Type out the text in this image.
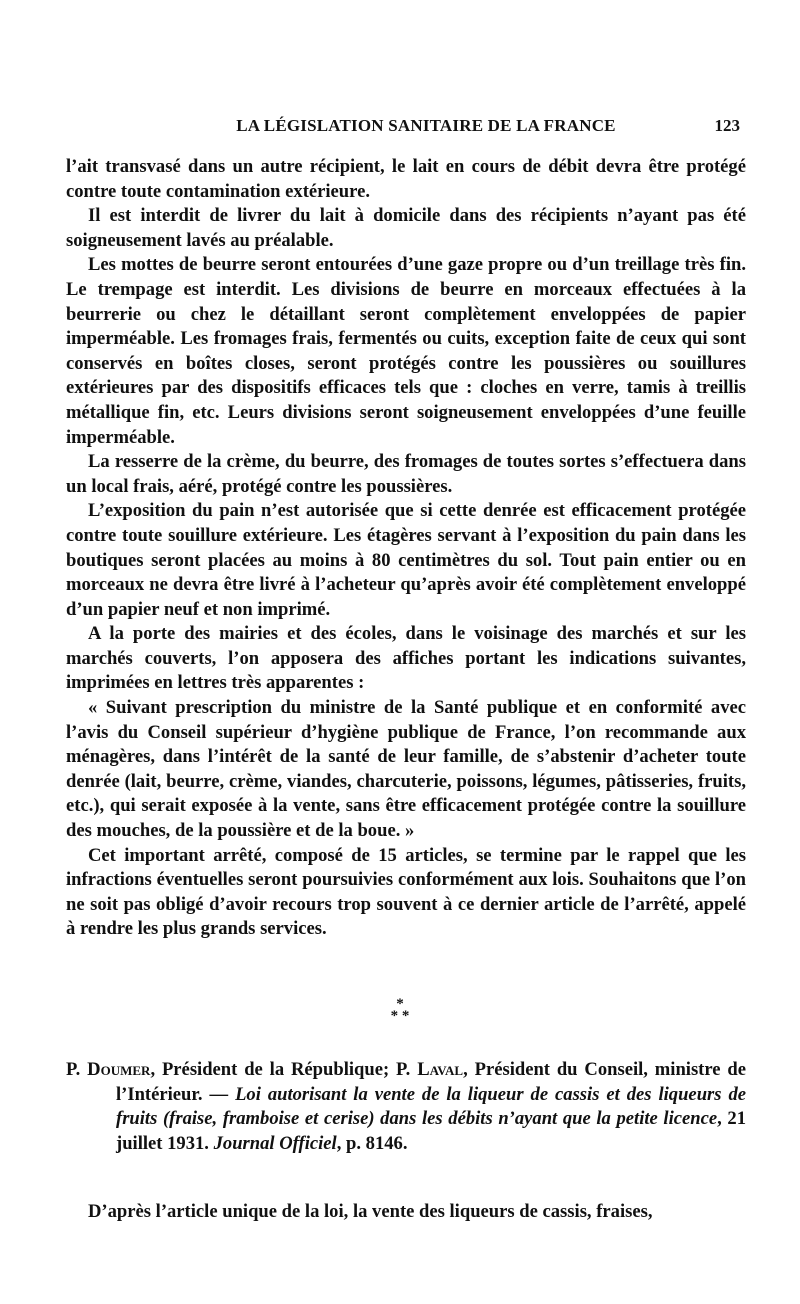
LA LÉGISLATION SANITAIRE DE LA FRANCE	123

l’ait transvasé dans un autre récipient, le lait en cours de débit devra être protégé contre toute contamination extérieure.

Il est interdit de livrer du lait à domicile dans des récipients n’ayant pas été soigneusement lavés au préalable.

Les mottes de beurre seront entourées d’une gaze propre ou d’un treillage très fin. Le trempage est interdit. Les divisions de beurre en morceaux effectuées à la beurrerie ou chez le détaillant seront complètement enveloppées de papier imperméable. Les fromages frais, fermentés ou cuits, exception faite de ceux qui sont conservés en boîtes closes, seront protégés contre les poussières ou souillures extérieures par des dispositifs efficaces tels que : cloches en verre, tamis à treillis métallique fin, etc. Leurs divisions seront soigneusement enveloppées d’une feuille imperméable.

La resserre de la crème, du beurre, des fromages de toutes sortes s’effectuera dans un local frais, aéré, protégé contre les poussières.

L’exposition du pain n’est autorisée que si cette denrée est efficacement protégée contre toute souillure extérieure. Les étagères servant à l’exposition du pain dans les boutiques seront placées au moins à 80 centimètres du sol. Tout pain entier ou en morceaux ne devra être livré à l’acheteur qu’après avoir été complètement enveloppé d’un papier neuf et non imprimé.

A la porte des mairies et des écoles, dans le voisinage des marchés et sur les marchés couverts, l’on apposera des affiches portant les indications suivantes, imprimées en lettres très apparentes :

« Suivant prescription du ministre de la Santé publique et en conformité avec l’avis du Conseil supérieur d’hygiène publique de France, l’on recommande aux ménagères, dans l’intérêt de la santé de leur famille, de s’abstenir d’acheter toute denrée (lait, beurre, crème, viandes, charcuterie, poissons, légumes, pâtisseries, fruits, etc.), qui serait exposée à la vente, sans être efficacement protégée contre la souillure des mouches, de la poussière et de la boue. »

Cet important arrêté, composé de 15 articles, se termine par le rappel que les infractions éventuelles seront poursuivies conformément aux lois. Souhaitons que l’on ne soit pas obligé d’avoir recours trop souvent à ce dernier article de l’arrêté, appelé à rendre les plus grands services.

*
* *

P. Doumer, Président de la République; P. Laval, Président du Conseil, ministre de l’Intérieur. — Loi autorisant la vente de la liqueur de cassis et des liqueurs de fruits (fraise, framboise et cerise) dans les débits n’ayant que la petite licence, 21 juillet 1931. Journal Officiel, p. 8146.

D’après l’article unique de la loi, la vente des liqueurs de cassis, fraises,
